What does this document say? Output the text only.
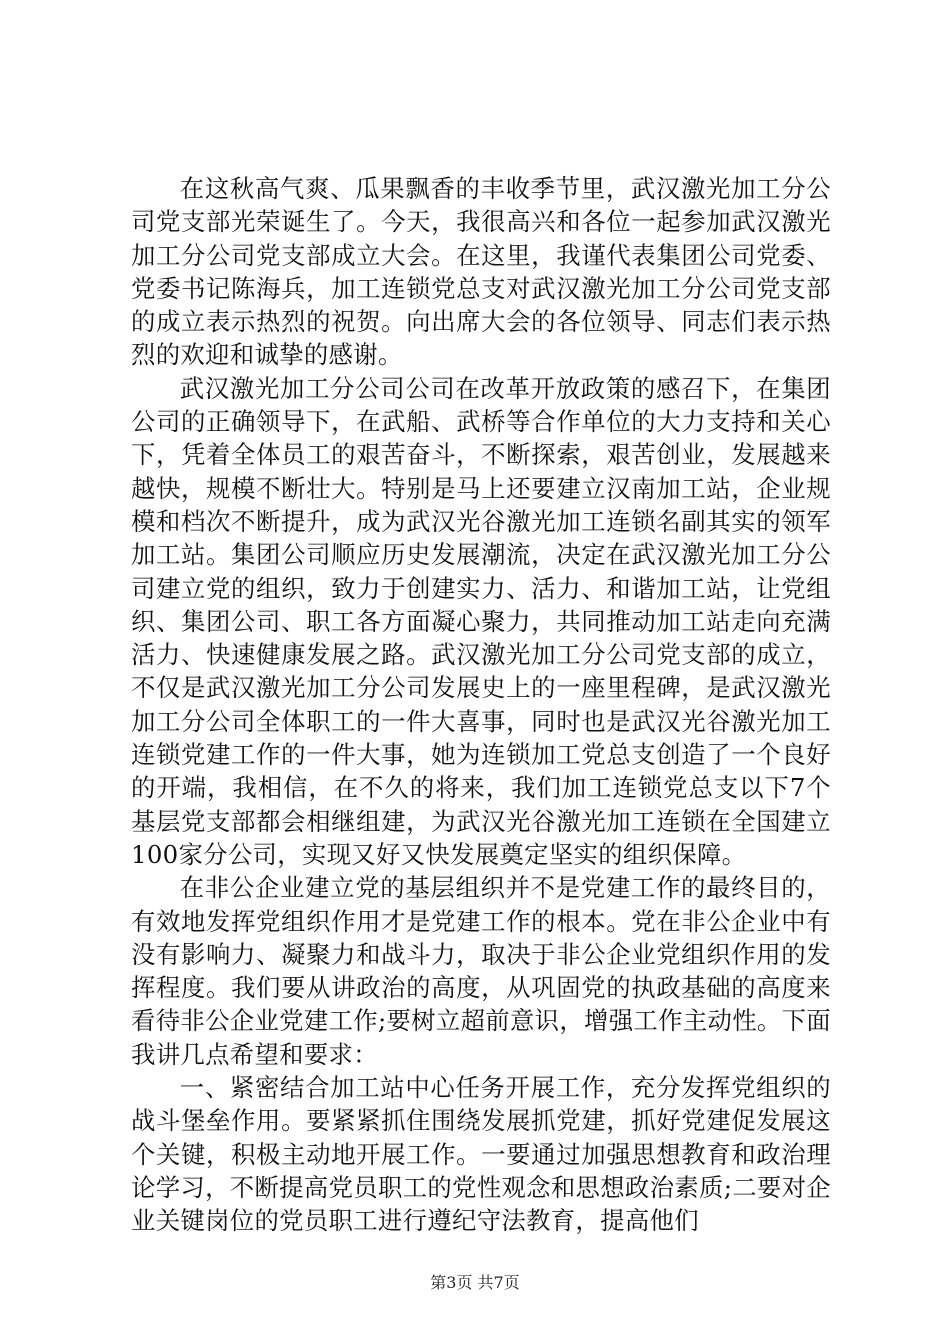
在这秋高气爽、瓜果飘香的丰收季节里，武汉激光加工分公司党支部光荣诞生了。今天，我很高兴和各位一起参加武汉激光加工分公司党支部成立大会。在这里，我谨代表集团公司党委、党委书记陈海兵，加工连锁党总支对武汉激光加工分公司党支部的成立表示热烈的祝贺。向出席大会的各位领导、同志们表示热烈的欢迎和诚挚的感谢。

武汉激光加工分公司公司在改革开放政策的感召下，在集团公司的正确领导下，在武船、武桥等合作单位的大力支持和关心下，凭着全体员工的艰苦奋斗，不断探索，艰苦创业，发展越来越快，规模不断壮大。特别是马上还要建立汉南加工站，企业规模和档次不断提升，成为武汉光谷激光加工连锁名副其实的领军加工站。集团公司顺应历史发展潮流，决定在武汉激光加工分公司建立党的组织，致力于创建实力、活力、和谐加工站，让党组织、集团公司、职工各方面凝心聚力，共同推动加工站走向充满活力、快速健康发展之路。武汉激光加工分公司党支部的成立，不仅是武汉激光加工分公司发展史上的一座里程碑，是武汉激光加工分公司全体职工的一件大喜事，同时也是武汉光谷激光加工连锁党建工作的一件大事，她为连锁加工党总支创造了一个良好的开端，我相信，在不久的将来，我们加工连锁党总支以下7个基层党支部都会相继组建，为武汉光谷激光加工连锁在全国建立100家分公司，实现又好又快发展奠定坚实的组织保障。

在非公企业建立党的基层组织并不是党建工作的最终目的，有效地发挥党组织作用才是党建工作的根本。党在非公企业中有没有影响力、凝聚力和战斗力，取决于非公企业党组织作用的发挥程度。我们要从讲政治的高度，从巩固党的执政基础的高度来看待非公企业党建工作;要树立超前意识，增强工作主动性。下面我讲几点希望和要求：

一、紧密结合加工站中心任务开展工作，充分发挥党组织的战斗堡垒作用。要紧紧抓住围绕发展抓党建，抓好党建促发展这个关键，积极主动地开展工作。一要通过加强思想教育和政治理论学习，不断提高党员职工的党性观念和思想政治素质;二要对企业关键岗位的党员职工进行遵纪守法教育，提高他们

第3页 共7页
